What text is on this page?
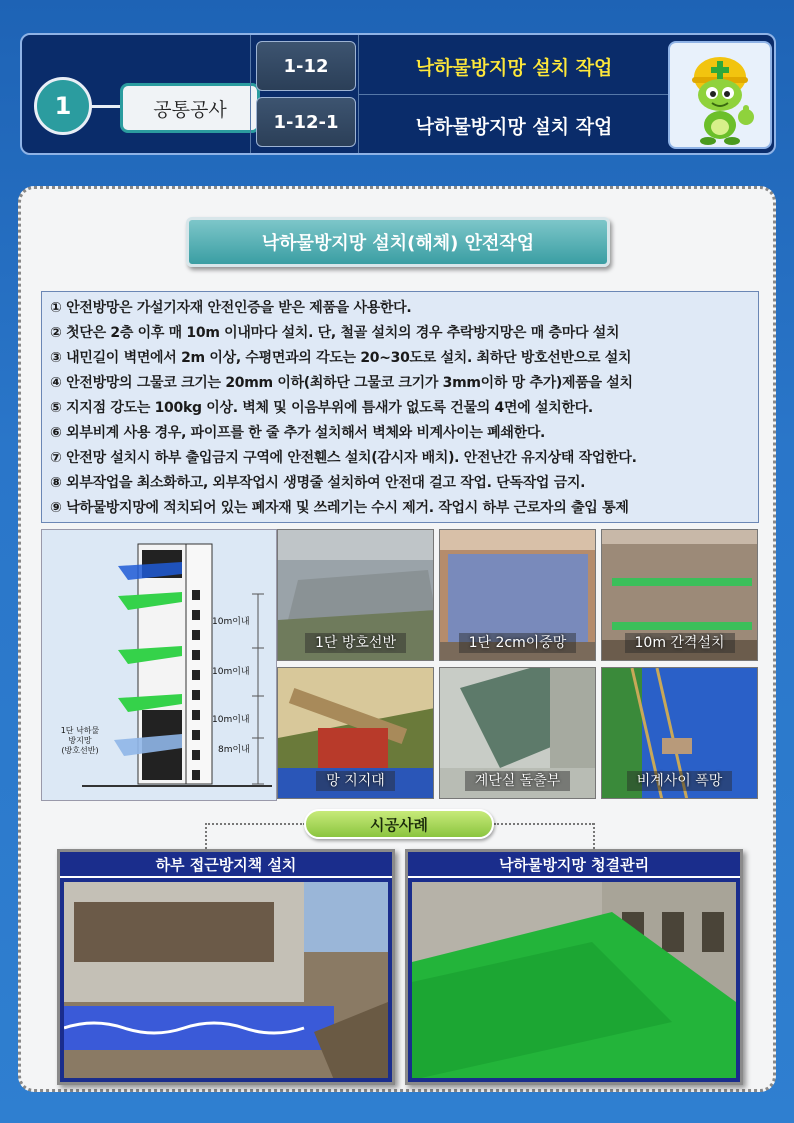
1	공통공사
1-12
1-12-1
낙하물방지망 설치 작업
낙하물방지망 설치 작업
낙하물방지망 설치(해체) 안전작업
① 안전방망은 가설기자재 안전인증을 받은 제품을 사용한다.
② 첫단은 2층 이후 매 10m 이내마다 설치. 단, 철골 설치의 경우 추락방지망은 매 층마다 설치
③ 내민길이 벽면에서 2m 이상, 수평면과의 각도는 20~30도로 설치. 최하단 방호선반으로 설치
④ 안전방망의 그물코 크기는 20mm 이하(최하단 그물코 크기가 3mm이하 망 추가)제품을 설치
⑤ 지지점 강도는 100kg 이상. 벽체 및 이음부위에 틈새가 없도록 건물의 4면에 설치한다.
⑥ 외부비계 사용 경우, 파이프를 한 줄 추가 설치해서 벽체와 비계사이는 폐쇄한다.
⑦ 안전망 설치시 하부 출입금지 구역에 안전휀스 설치(감시자 배치). 안전난간 유지상태 작업한다.
⑧ 외부작업을 최소화하고, 외부작업시 생명줄 설치하여 안전대 걸고 작업. 단독작업 금지.
⑨ 낙하물방지망에 적치되어 있는 폐자재 및 쓰레기는 수시 제거. 작업시 하부 근로자의 출입 통제
10m이내
10m이내
10m이내
8m이내
1단 낙하물
방지망
(방호선반)
1단 방호선반	1단 2cm이중망	10m 간격설치
망 지지대	계단실 돌출부	비계사이 폭망
시공사례
하부 접근방지책 설치	낙하물방지망 청결관리
